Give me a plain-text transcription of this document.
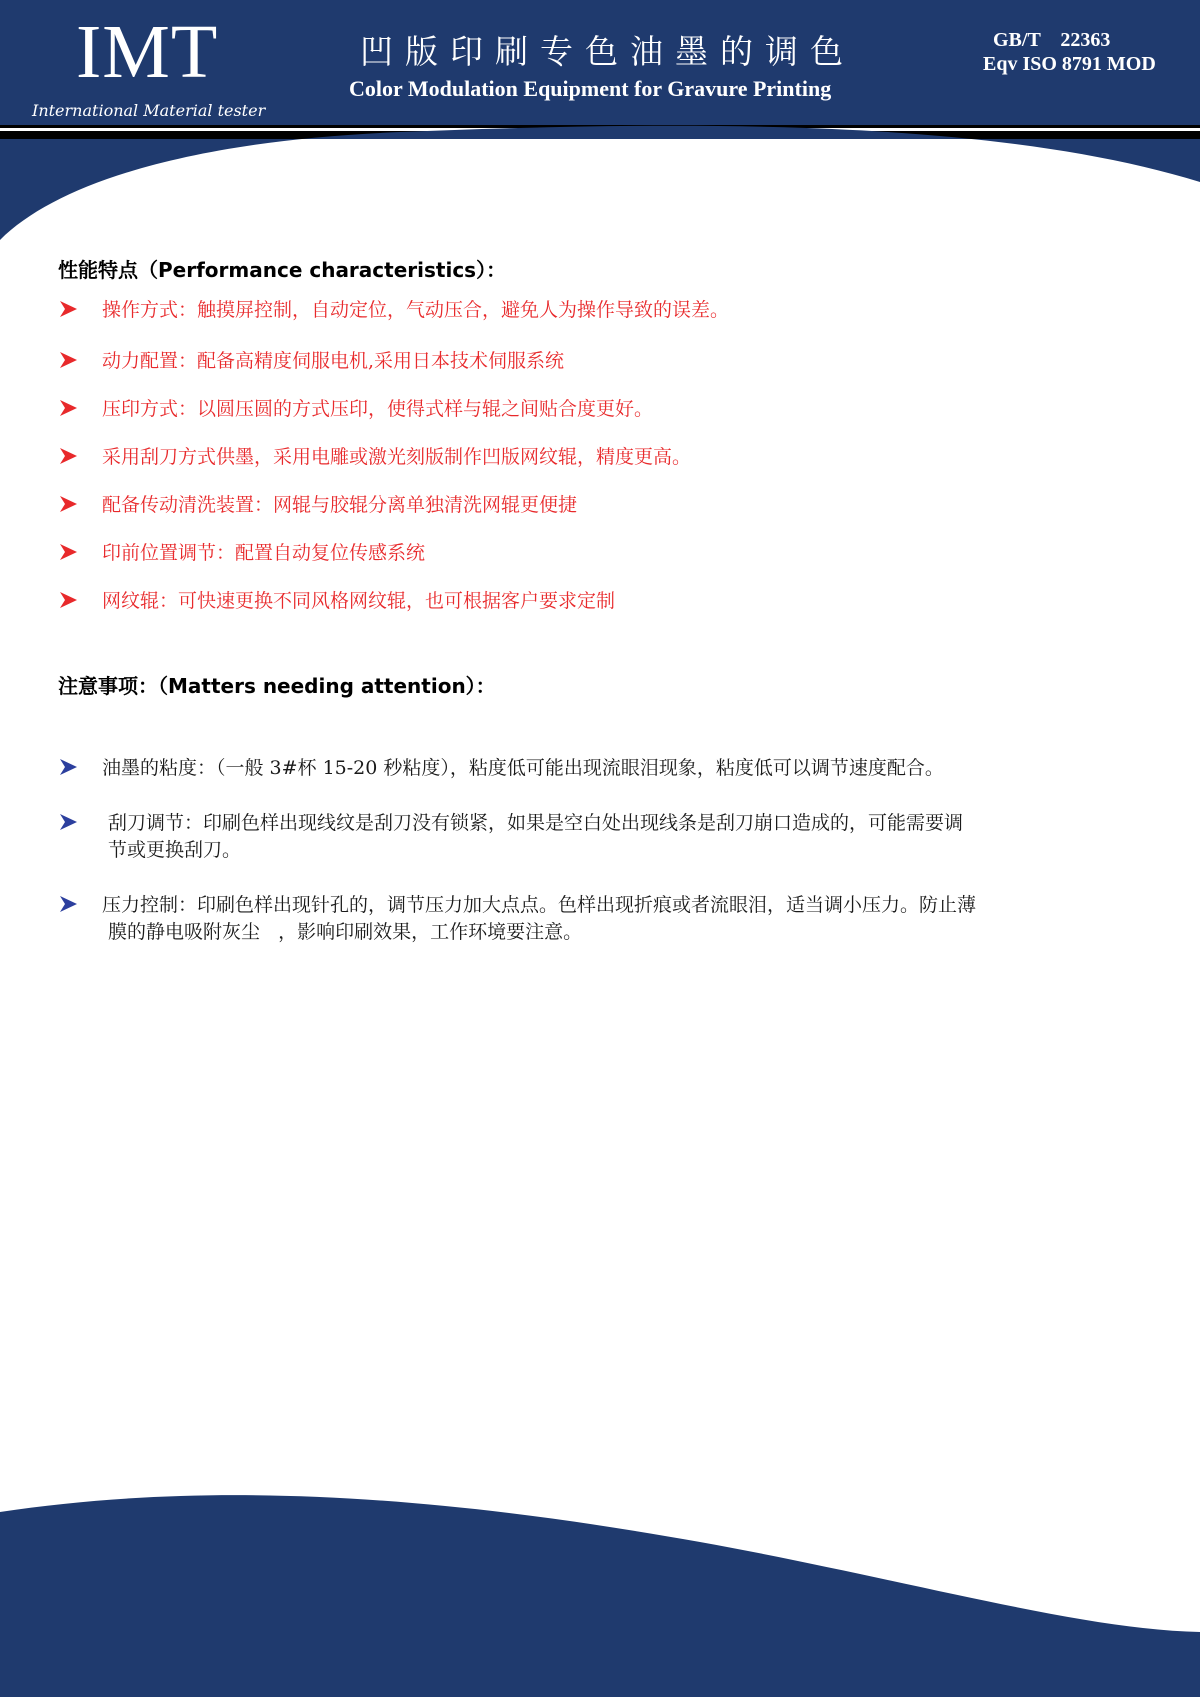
IMT
International Material tester
凹版印刷专色油墨的调色
Color Modulation Equipment for Gravure Printing
GB/T    22363
Eqv ISO 8791 MOD
性能特点（Performance characteristics）：
操作方式：触摸屏控制，自动定位，气动压合，避免人为操作导致的误差。
动力配置：配备高精度伺服电机,采用日本技术伺服系统
压印方式：以圆压圆的方式压印，使得式样与辊之间贴合度更好。
采用刮刀方式供墨，采用电雕或激光刻版制作凹版网纹辊，精度更高。
配备传动清洗装置：网辊与胶辊分离单独清洗网辊更便捷
印前位置调节：配置自动复位传感系统
网纹辊：可快速更换不同风格网纹辊，也可根据客户要求定制
注意事项：（Matters needing attention）：
油墨的粘度：（一般 3#杯 15-20 秒粘度），粘度低可能出现流眼泪现象，粘度低可以调节速度配合。
刮刀调节：印刷色样出现线纹是刮刀没有锁紧，如果是空白处出现线条是刮刀崩口造成的，可能需要调
节或更换刮刀。
压力控制：印刷色样出现针孔的，调节压力加大点点。色样出现折痕或者流眼泪，适当调小压力。防止薄
膜的静电吸附灰尘   ，影响印刷效果，工作环境要注意。
